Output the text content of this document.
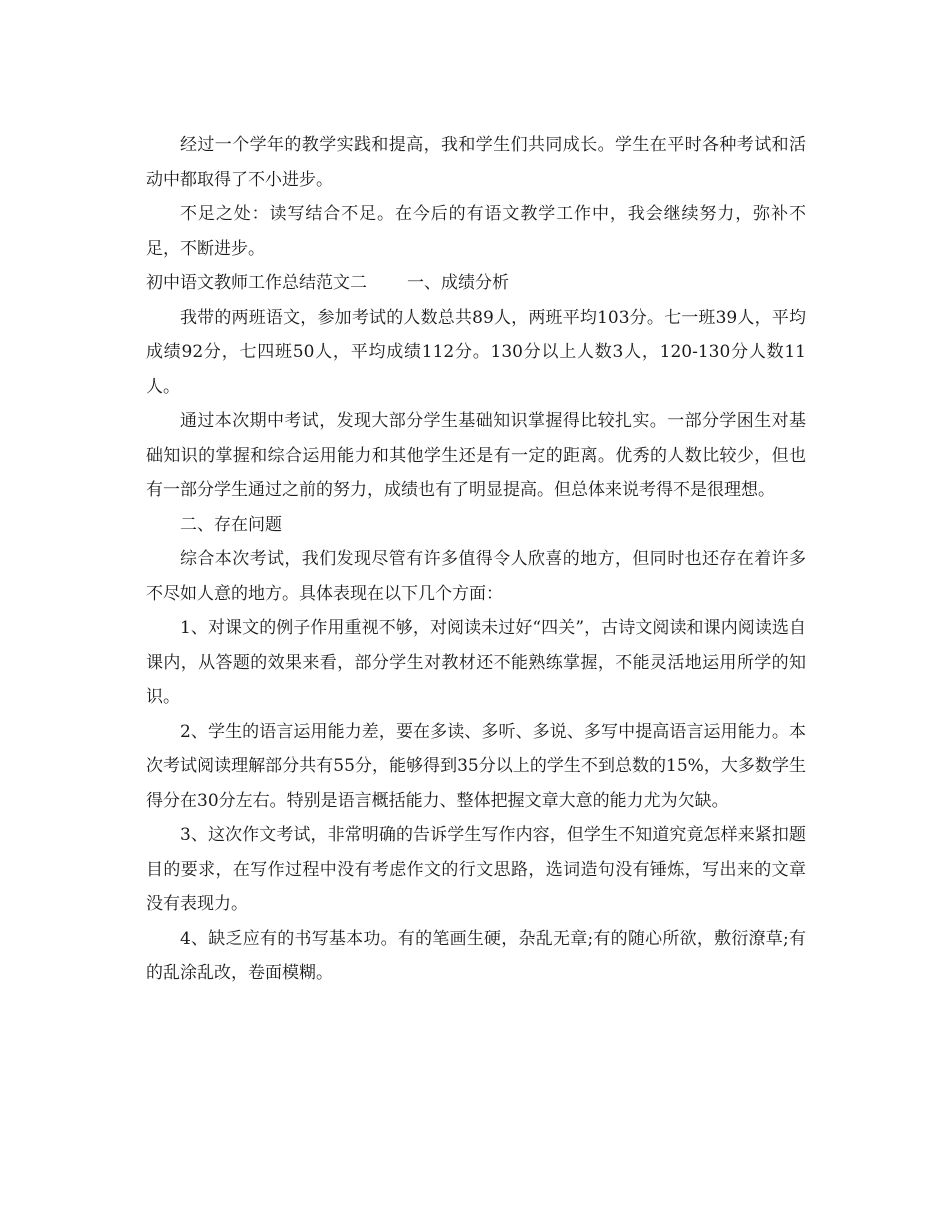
经过一个学年的教学实践和提高，我和学生们共同成长。学生在平时各种考试和活动中都取得了不小进步。

不足之处：读写结合不足。在今后的有语文教学工作中，我会继续努力，弥补不足，不断进步。

初中语文教师工作总结范文二 一、成绩分析

我带的两班语文，参加考试的人数总共89人，两班平均103分。七一班39人，平均成绩92分，七四班50人，平均成绩112分。130分以上人数3人，120-130分人数11人。

通过本次期中考试，发现大部分学生基础知识掌握得比较扎实。一部分学困生对基础知识的掌握和综合运用能力和其他学生还是有一定的距离。优秀的人数比较少，但也有一部分学生通过之前的努力，成绩也有了明显提高。但总体来说考得不是很理想。

二、存在问题

综合本次考试，我们发现尽管有许多值得令人欣喜的地方，但同时也还存在着许多不尽如人意的地方。具体表现在以下几个方面：

1、对课文的例子作用重视不够，对阅读未过好“四关”，古诗文阅读和课内阅读选自课内，从答题的效果来看，部分学生对教材还不能熟练掌握，不能灵活地运用所学的知识。

2、学生的语言运用能力差，要在多读、多听、多说、多写中提高语言运用能力。本次考试阅读理解部分共有55分，能够得到35分以上的学生不到总数的15%，大多数学生得分在30分左右。特别是语言概括能力、整体把握文章大意的能力尤为欠缺。

3、这次作文考试，非常明确的告诉学生写作内容，但学生不知道究竟怎样来紧扣题目的要求，在写作过程中没有考虑作文的行文思路，选词造句没有锤炼，写出来的文章没有表现力。

4、缺乏应有的书写基本功。有的笔画生硬，杂乱无章;有的随心所欲，敷衍潦草;有的乱涂乱改，卷面模糊。
